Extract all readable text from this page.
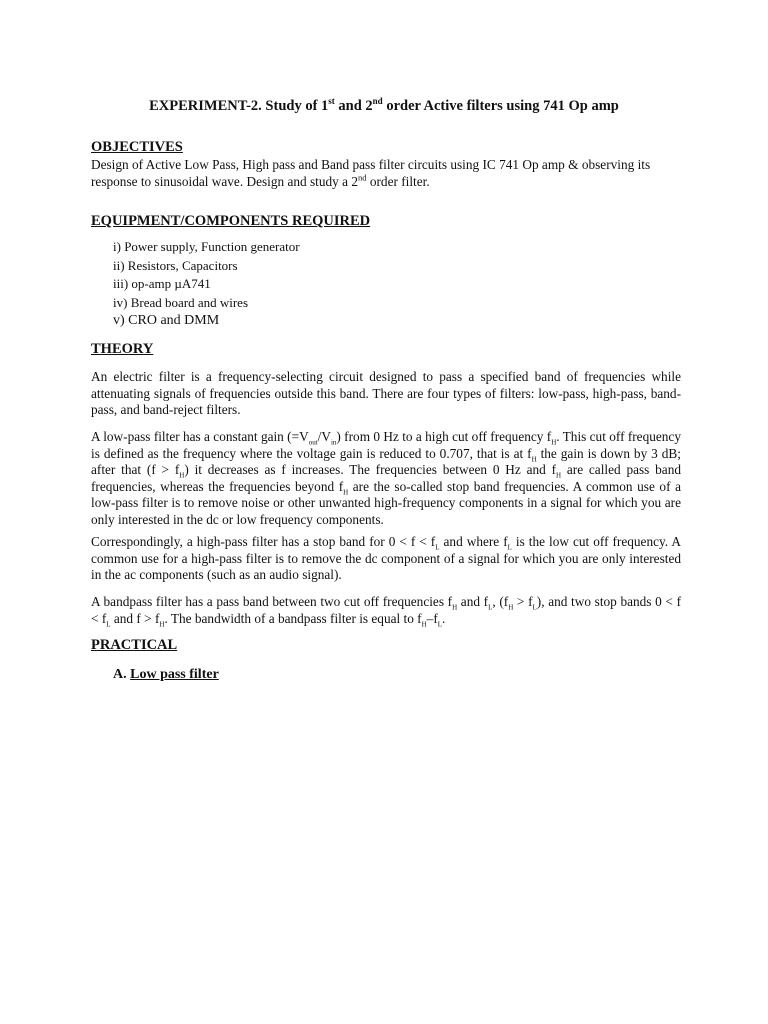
EXPERIMENT-2. Study of 1st and 2nd order Active filters using 741 Op amp
OBJECTIVES
Design of Active Low Pass, High pass and Band pass filter circuits using IC 741 Op amp & observing its response to sinusoidal wave. Design and study a 2nd order filter.
EQUIPMENT/COMPONENTS REQUIRED
i) Power supply, Function generator
ii) Resistors, Capacitors
iii) op-amp µA741
iv) Bread board and wires
v) CRO and DMM
THEORY
An electric filter is a frequency-selecting circuit designed to pass a specified band of frequencies while attenuating signals of frequencies outside this band. There are four types of filters: low-pass, high-pass, band-pass, and band-reject filters.
A low-pass filter has a constant gain $(=V_{out}/V_{in})$ from 0 Hz to a high cut off frequency $f_H$. This cut off frequency is defined as the frequency where the voltage gain is reduced to 0.707, that is at $f_H$ the gain is down by 3 dB; after that $(f > f_H)$ it decreases as f increases. The frequencies between 0 Hz and $f_H$ are called pass band frequencies, whereas the frequencies beyond $f_H$ are the so-called stop band frequencies. A common use of a low-pass filter is to remove noise or other unwanted high-frequency components in a signal for which you are only interested in the dc or low frequency components.
Correspondingly, a high-pass filter has a stop band for $0 < f < f_L$ and where $f_L$ is the low cut off frequency. A common use for a high-pass filter is to remove the dc component of a signal for which you are only interested in the ac components (such as an audio signal).
A bandpass filter has a pass band between two cut off frequencies $f_H$ and $f_L$, $(f_H > f_L)$, and two stop bands $0 < f < f_L$ and $f > f_H$. The bandwidth of a bandpass filter is equal to $f_H-f_L$.
PRACTICAL
A. Low pass filter
